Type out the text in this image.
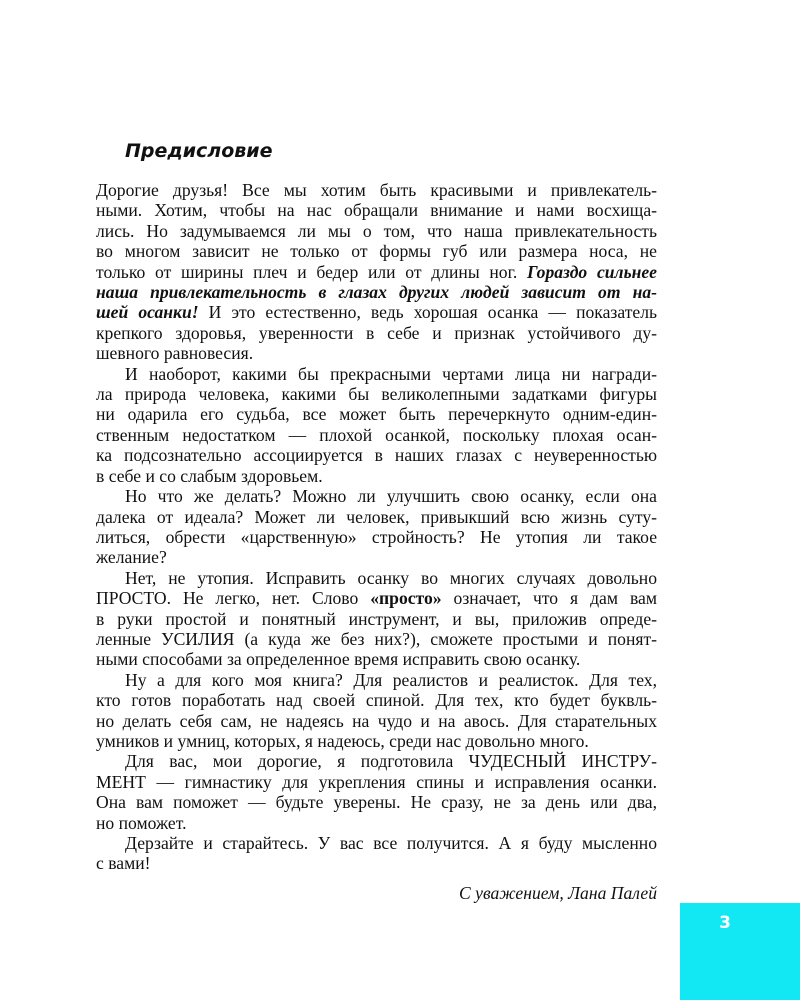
Предисловие
Дорогие друзья! Все мы хотим быть красивыми и привлекатель-
ными. Хотим, чтобы на нас обращали внимание и нами восхища-
лись. Но задумываемся ли мы о том, что наша привлекательность
во многом зависит не только от формы губ или размера носа, не
только от ширины плеч и бедер или от длины ног. Гораздо сильнее
наша привлекательность в глазах других людей зависит от на-
шей осанки! И это естественно, ведь хорошая осанка — показатель
крепкого здоровья, уверенности в себе и признак устойчивого ду-
шевного равновесия.
И наоборот, какими бы прекрасными чертами лица ни награди-
ла природа человека, какими бы великолепными задатками фигуры
ни одарила его судьба, все может быть перечеркнуто одним-един-
ственным недостатком — плохой осанкой, поскольку плохая осан-
ка подсознательно ассоциируется в наших глазах с неуверенностью
в себе и со слабым здоровьем.
Но что же делать? Можно ли улучшить свою осанку, если она
далека от идеала? Может ли человек, привыкший всю жизнь суту-
литься, обрести «царственную» стройность? Не утопия ли такое
желание?
Нет, не утопия. Исправить осанку во многих случаях довольно
ПРОСТО. Не легко, нет. Слово «просто» означает, что я дам вам
в руки простой и понятный инструмент, и вы, приложив опреде-
ленные УСИЛИЯ (а куда же без них?), сможете простыми и понят-
ными способами за определенное время исправить свою осанку.
Ну а для кого моя книга? Для реалистов и реалисток. Для тех,
кто готов поработать над своей спиной. Для тех, кто будет буквль-
но делать себя сам, не надеясь на чудо и на авось. Для старательных
умников и умниц, которых, я надеюсь, среди нас довольно много.
Для вас, мои дорогие, я подготовила ЧУДЕСНЫЙ ИНСТРУ-
МЕНТ — гимнастику для укрепления спины и исправления осанки.
Она вам поможет — будьте уверены. Не сразу, не за день или два,
но поможет.
Дерзайте и старайтесь. У вас все получится. А я буду мысленно
с вами!
С уважением, Лана Палей
3
